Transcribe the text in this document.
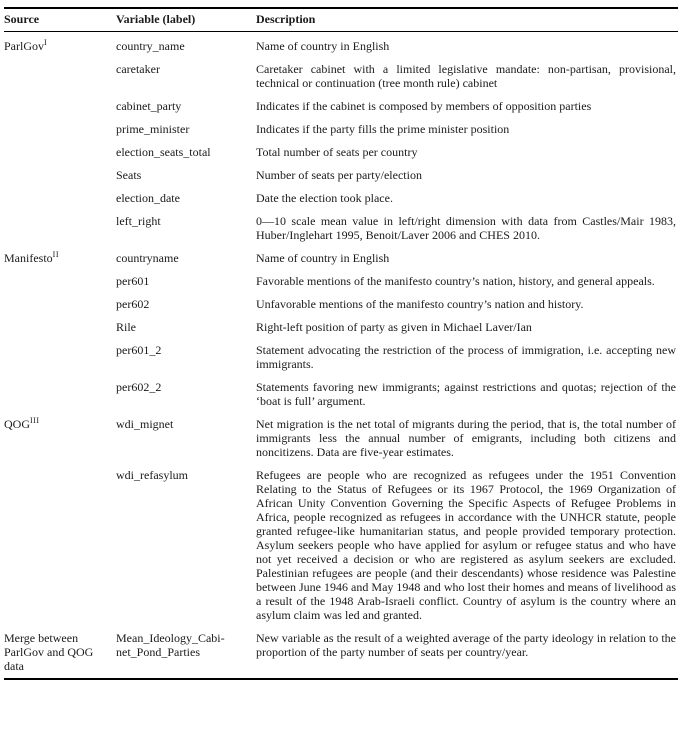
Source	Variable (label)	Description
ParlGov$^I$	country_name	Name of country in English
	caretaker	Caretaker cabinet with a limited legislative mandate: non-partisan, provisional, technical or continuation (tree month rule) cabinet
	cabinet_party	Indicates if the cabinet is composed by members of opposition parties
	prime_minister	Indicates if the party fills the prime minister position
	election_seats_total	Total number of seats per country
	Seats	Number of seats per party/election
	election_date	Date the election took place.
	left_right	0—10 scale mean value in left/right dimension with data from Castles/Mair 1983, Huber/Inglehart 1995, Benoit/Laver 2006 and CHES 2010.
Manifesto$^{II}$	countryname	Name of country in English
	per601	Favorable mentions of the manifesto country’s nation, history, and general appeals.
	per602	Unfavorable mentions of the manifesto country’s nation and history.
	Rile	Right-left position of party as given in Michael Laver/Ian
	per601_2	Statement advocating the restriction of the process of immigration, i.e. accepting new immigrants.
	per602_2	Statements favoring new immigrants; against restrictions and quotas; rejection of the ‘boat is full’ argument.
$QOG^{III}$	wdi_mignet	Net migration is the net total of migrants during the period, that is, the total number of immigrants less the annual number of emigrants, including both citizens and noncitizens. Data are five-year estimates.
	wdi_refasylum	Refugees are people who are recognized as refugees under the 1951 Convention Relating to the Status of Refugees or its 1967 Protocol, the 1969 Organization of African Unity Convention Governing the Specific Aspects of Refugee Problems in Africa, people recognized as refugees in accordance with the UNHCR statute, people granted refugee-like humanitarian status, and people provided temporary protection. Asylum seekers people who have applied for asylum or refugee status and who have not yet received a decision or who are registered as asylum seekers are excluded. Palestinian refugees are people (and their descendants) whose residence was Palestine between June 1946 and May 1948 and who lost their homes and means of livelihood as a result of the 1948 Arab-Israeli conflict. Country of asylum is the country where an asylum claim was led and granted.
Merge between ParlGov and QOG data	Mean_Ideology_Cabi-net_Pond_Parties	New variable as the result of a weighted average of the party ideology in relation to the proportion of the party number of seats per country/year.
